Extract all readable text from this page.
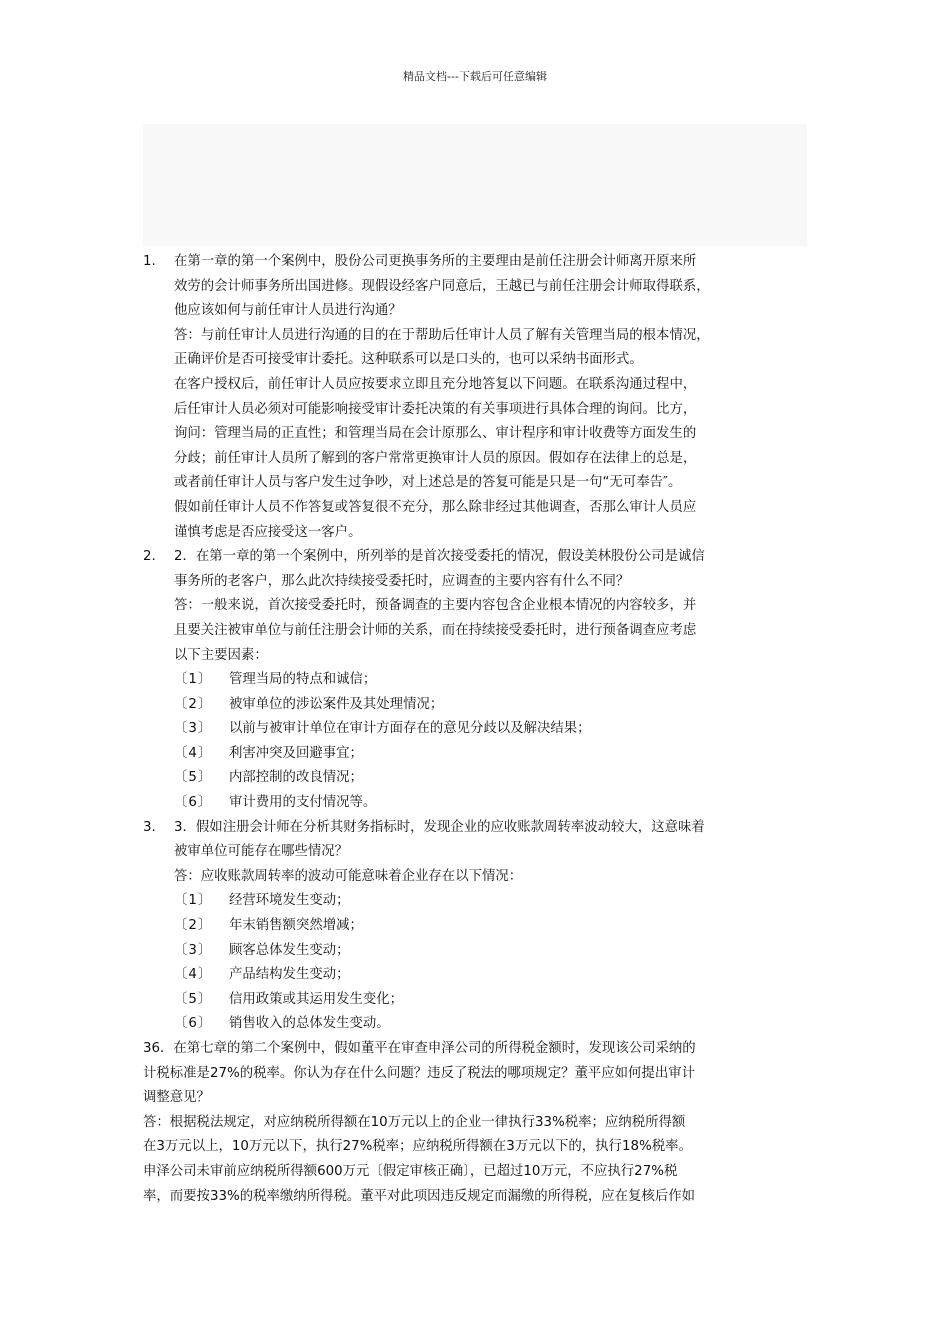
精品文档---下载后可任意编辑
1.	在第一章的第一个案例中，股份公司更换事务所的主要理由是前任注册会计师离开原来所
效劳的会计师事务所出国进修。现假设经客户同意后，王越已与前任注册会计师取得联系，
他应该如何与前任审计人员进行沟通？
答：与前任审计人员进行沟通的目的在于帮助后任审计人员了解有关管理当局的根本情况，
正确评价是否可接受审计委托。这种联系可以是口头的，也可以采纳书面形式。
在客户授权后，前任审计人员应按要求立即且充分地答复以下问题。在联系沟通过程中，
后任审计人员必须对可能影响接受审计委托决策的有关事项进行具体合理的询问。比方，
询问：管理当局的正直性；和管理当局在会计原那么、审计程序和审计收费等方面发生的
分歧；前任审计人员所了解到的客户常常更换审计人员的原因。假如存在法律上的总是，
或者前任审计人员与客户发生过争吵，对上述总是的答复可能是只是一句“无可奉告″。
假如前任审计人员不作答复或答复很不充分，那么除非经过其他调查，否那么审计人员应
谨慎考虑是否应接受这一客户。
2.	2．在第一章的第一个案例中，所列举的是首次接受委托的情况，假设美林股份公司是诚信
事务所的老客户，那么此次持续接受委托时，应调查的主要内容有什么不同？
答：一般来说，首次接受委托时，预备调查的主要内容包含企业根本情况的内容较多，并
且要关注被审单位与前任注册会计师的关系，而在持续接受委托时，进行预备调查应考虑
以下主要因素：
〔1〕	管理当局的特点和诚信；
〔2〕	被审单位的涉讼案件及其处理情况；
〔3〕	以前与被审计单位在审计方面存在的意见分歧以及解决结果；
〔4〕	利害冲突及回避事宜；
〔5〕	内部控制的改良情况；
〔6〕	审计费用的支付情况等。
3.	3．假如注册会计师在分析其财务指标时，发现企业的应收账款周转率波动较大，这意味着
被审单位可能存在哪些情况？
答：应收账款周转率的波动可能意味着企业存在以下情况：
〔1〕	经营环境发生变动；
〔2〕	年末销售额突然增减；
〔3〕	顾客总体发生变动；
〔4〕	产品结构发生变动；
〔5〕	信用政策或其运用发生变化；
〔6〕	销售收入的总体发生变动。
36．在第七章的第二个案例中，假如董平在审查申泽公司的所得税金额时，发现该公司采纳的
计税标准是27%的税率。你认为存在什么问题？违反了税法的哪项规定？董平应如何提出审计
调整意见？
答：根据税法规定，对应纳税所得额在10万元以上的企业一律执行33%税率；应纳税所得额
在3万元以上，10万元以下，执行27%税率；应纳税所得额在3万元以下的，执行18%税率。
申泽公司未审前应纳税所得额600万元〔假定审核正确〕，已超过10万元，不应执行27%税
率，而要按33%的税率缴纳所得税。董平对此项因违反规定而漏缴的所得税，应在复核后作如
